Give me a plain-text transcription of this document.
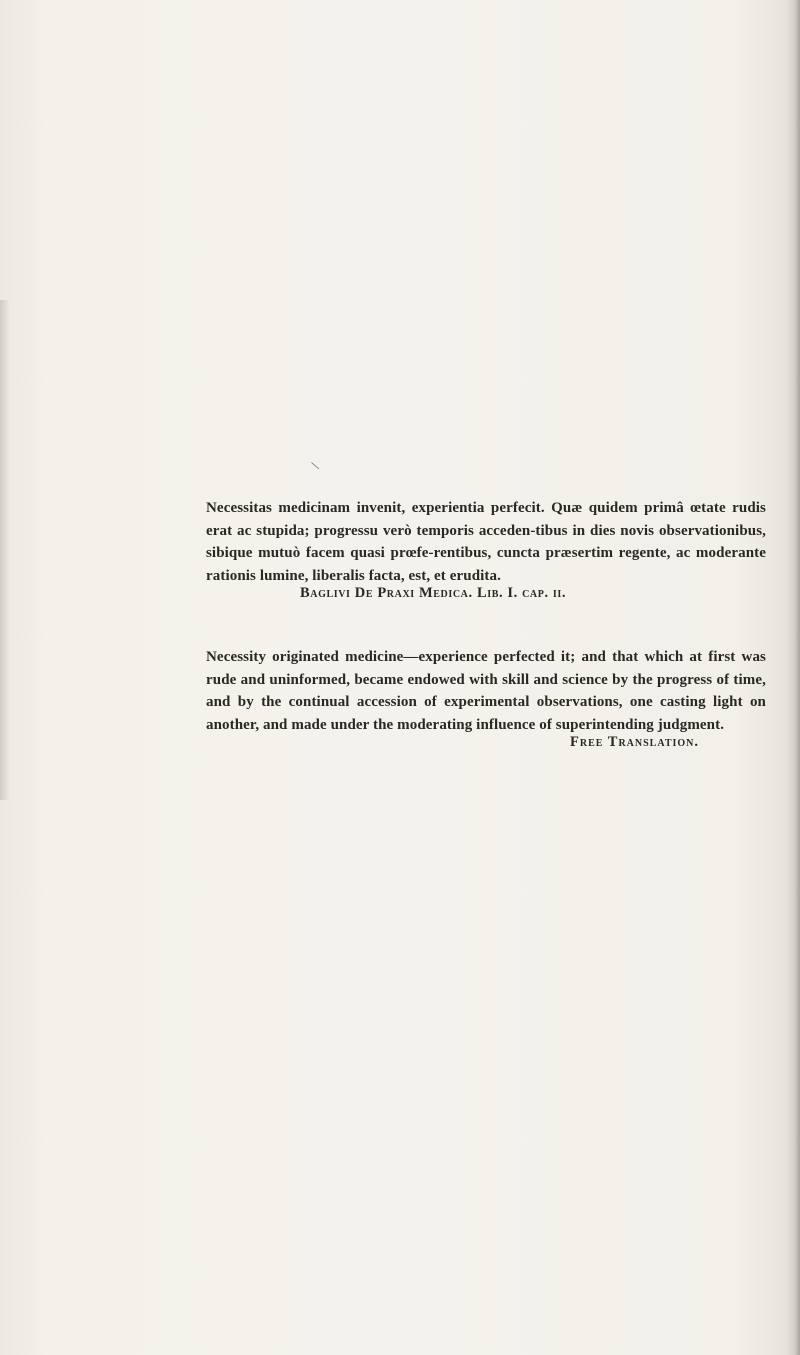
\

Necessitas medicinam invenit, experientia perfecit. Quæ quidem primâ œtate rudis erat ac stupida; progressu verò temporis acceden-tibus in dies novis observationibus, sibique mutuò facem quasi prœfe-rentibus, cuncta præsertim regente, ac moderante rationis lumine, liberalis facta, est, et erudita.

Baglivi De Praxi Medica. Lib. I. cap. ii.

Necessity originated medicine—experience perfected it; and that which at first was rude and uninformed, became endowed with skill and science by the progress of time, and by the continual accession of experimental observations, one casting light on another, and made under the moderating influence of superintending judgment.

Free Translation.
